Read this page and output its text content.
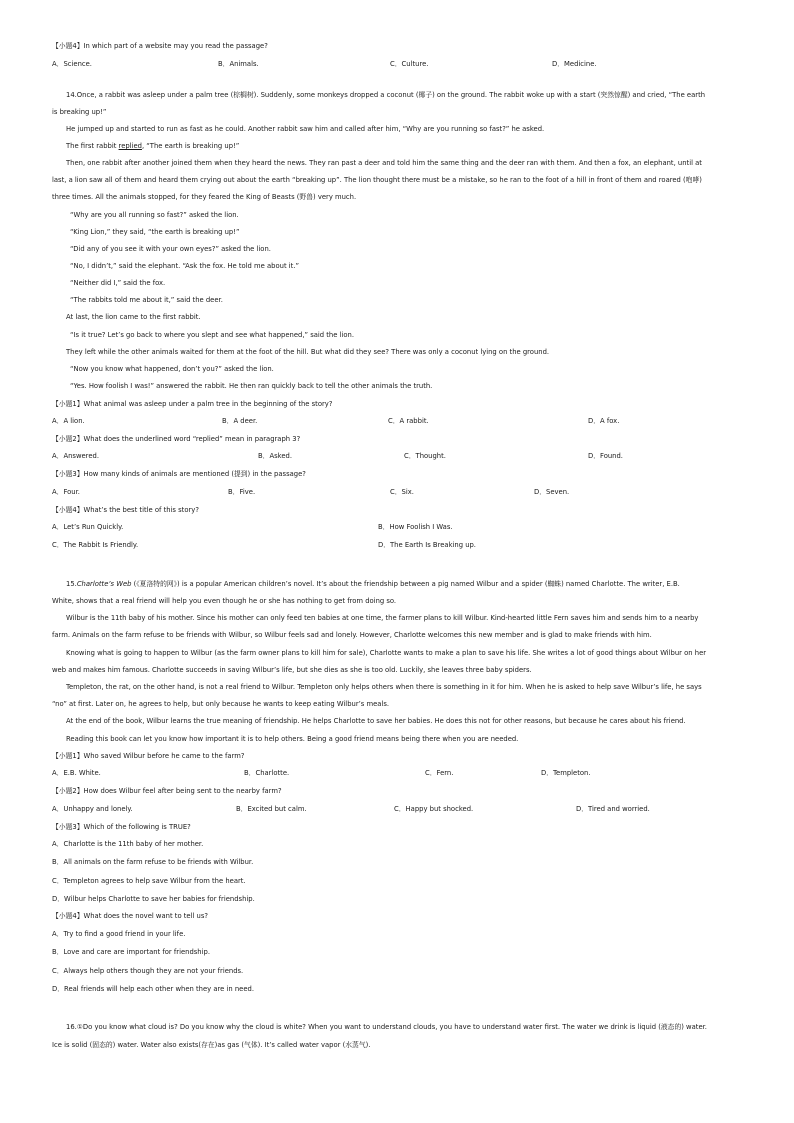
【小题4】In which part of a website may you read the passage?
A．Science.	B．Animals.	C．Culture.	D．Medicine.
14.Once, a rabbit was asleep under a palm tree (棕榈树). Suddenly, some monkeys dropped a coconut (椰子) on the ground. The rabbit woke up with a start (突然惊醒) and cried, “The earth
is breaking up!”
He jumped up and started to run as fast as he could. Another rabbit saw him and called after him, “Why are you running so fast?” he asked.
The first rabbit replied, “The earth is breaking up!”
Then, one rabbit after another joined them when they heard the news. They ran past a deer and told him the same thing and the deer ran with them. And then a fox, an elephant, until at
last, a lion saw all of them and heard them crying out about the earth “breaking up”. The lion thought there must be a mistake, so he ran to the foot of a hill in front of them and roared (咆哮)
three times. All the animals stopped, for they feared the King of Beasts (野兽) very much.
“Why are you all running so fast?” asked the lion.
“King Lion,” they said, “the earth is breaking up!”
“Did any of you see it with your own eyes?” asked the lion.
“No, I didn’t,” said the elephant. “Ask the fox. He told me about it.”
“Neither did I,” said the fox.
“The rabbits told me about it,” said the deer.
At last, the lion came to the first rabbit.
“Is it true? Let’s go back to where you slept and see what happened,” said the lion.
They left while the other animals waited for them at the foot of the hill. But what did they see? There was only a coconut lying on the ground.
“Now you know what happened, don’t you?” asked the lion.
“Yes. How foolish I was!” answered the rabbit. He then ran quickly back to tell the other animals the truth.
【小题1】What animal was asleep under a palm tree in the beginning of the story?
A．A lion.	B．A deer.	C．A rabbit.	D．A fox.
【小题2】What does the underlined word “replied” mean in paragraph 3?
A．Answered.	B．Asked.	C．Thought.	D．Found.
【小题3】How many kinds of animals are mentioned (提到) in the passage?
A．Four.	B．Five.	C．Six.	D．Seven.
【小题4】What’s the best title of this story?
A．Let’s Run Quickly.	B．How Foolish I Was.
C．The Rabbit Is Friendly.	D．The Earth Is Breaking up.
15.Charlotte’s Web (《夏洛特的网》) is a popular American children’s novel. It’s about the friendship between a pig named Wilbur and a spider (蜘蛛) named Charlotte. The writer, E.B.
White, shows that a real friend will help you even though he or she has nothing to get from doing so.
Wilbur is the 11th baby of his mother. Since his mother can only feed ten babies at one time, the farmer plans to kill Wilbur. Kind-hearted little Fern saves him and sends him to a nearby
farm. Animals on the farm refuse to be friends with Wilbur, so Wilbur feels sad and lonely. However, Charlotte welcomes this new member and is glad to make friends with him.
Knowing what is going to happen to Wilbur (as the farm owner plans to kill him for sale), Charlotte wants to make a plan to save his life. She writes a lot of good things about Wilbur on her
web and makes him famous. Charlotte succeeds in saving Wilbur’s life, but she dies as she is too old. Luckily, she leaves three baby spiders.
Templeton, the rat, on the other hand, is not a real friend to Wilbur. Templeton only helps others when there is something in it for him. When he is asked to help save Wilbur’s life, he says
“no” at first. Later on, he agrees to help, but only because he wants to keep eating Wilbur’s meals.
At the end of the book, Wilbur learns the true meaning of friendship. He helps Charlotte to save her babies. He does this not for other reasons, but because he cares about his friend.
Reading this book can let you know how important it is to help others. Being a good friend means being there when you are needed.
【小题1】Who saved Wilbur before he came to the farm?
A．E.B. White.	B．Charlotte.	C．Fern.	D．Templeton.
【小题2】How does Wilbur feel after being sent to the nearby farm?
A．Unhappy and lonely.	B．Excited but calm.	C．Happy but shocked.	D．Tired and worried.
【小题3】Which of the following is TRUE?
A．Charlotte is the 11th baby of her mother.
B．All animals on the farm refuse to be friends with Wilbur.
C．Templeton agrees to help save Wilbur from the heart.
D．Wilbur helps Charlotte to save her babies for friendship.
【小题4】What does the novel want to tell us?
A．Try to find a good friend in your life.
B．Love and care are important for friendship.
C．Always help others though they are not your friends.
D．Real friends will help each other when they are in need.
16.①Do you know what cloud is? Do you know why the cloud is white? When you want to understand clouds, you have to understand water first. The water we drink is liquid (液态的) water.
Ice is solid (固态的) water. Water also exists(存在)as gas (气体). It’s called water vapor (水蒸气).
